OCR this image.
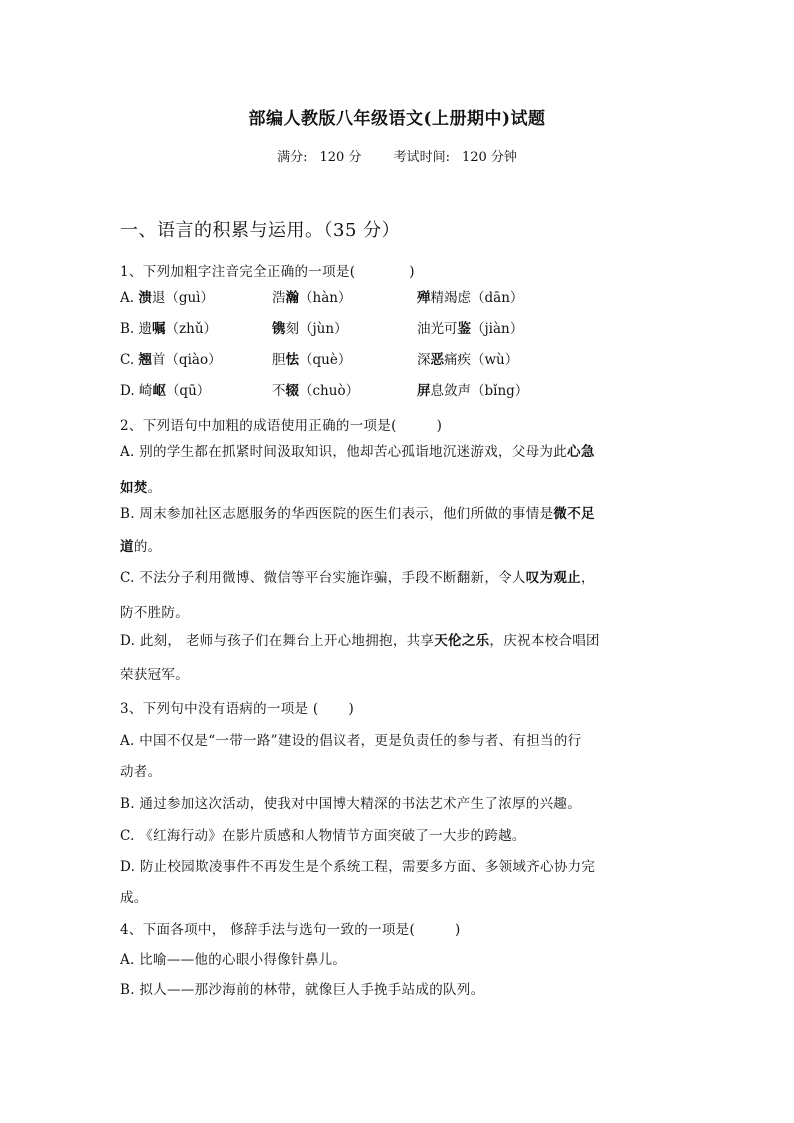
部编人教版八年级语文(上册期中)试题
满分: 120 分 考试时间: 120 分钟
一、语言的积累与运用。（35 分）
1、下列加粗字注音完全正确的一项是(	)
A. 溃退（guì）	浩瀚（hàn）	殚精竭虑（dān）
B. 遗嘱（zhǔ）	镌刻（jùn）	油光可鉴（jiàn）
C. 翘首（qiào）	胆怯（què）	深恶痛疾（wù）
D. 崎岖（qū）	不辍（chuò）	屏息敛声（bǐng）
2、下列语句中加粗的成语使用正确的一项是(	)
A. 别的学生都在抓紧时间汲取知识，他却苦心孤诣地沉迷游戏，父母为此心急
如焚。
B. 周末参加社区志愿服务的华西医院的医生们表示，他们所做的事情是微不足
道的。
C. 不法分子利用微博、微信等平台实施诈骗，手段不断翻新，令人叹为观止，
防不胜防。
D. 此刻， 老师与孩子们在舞台上开心地拥抱，共享天伦之乐，庆祝本校合唱团
荣获冠军。
3、下列句中没有语病的一项是 ( )
A. 中国不仅是“一带一路”建设的倡议者，更是负责任的参与者、有担当的行
动者。
B. 通过参加这次活动，使我对中国博大精深的书法艺术产生了浓厚的兴趣。
C. 《红海行动》在影片质感和人物情节方面突破了一大步的跨越。
D. 防止校园欺凌事件不再发生是个系统工程，需要多方面、多领域齐心协力完
成。
4、下面各项中， 修辞手法与选句一致的一项是(	)
A. 比喻——他的心眼小得像针鼻儿。
B. 拟人——那沙海前的林带，就像巨人手挽手站成的队列。
